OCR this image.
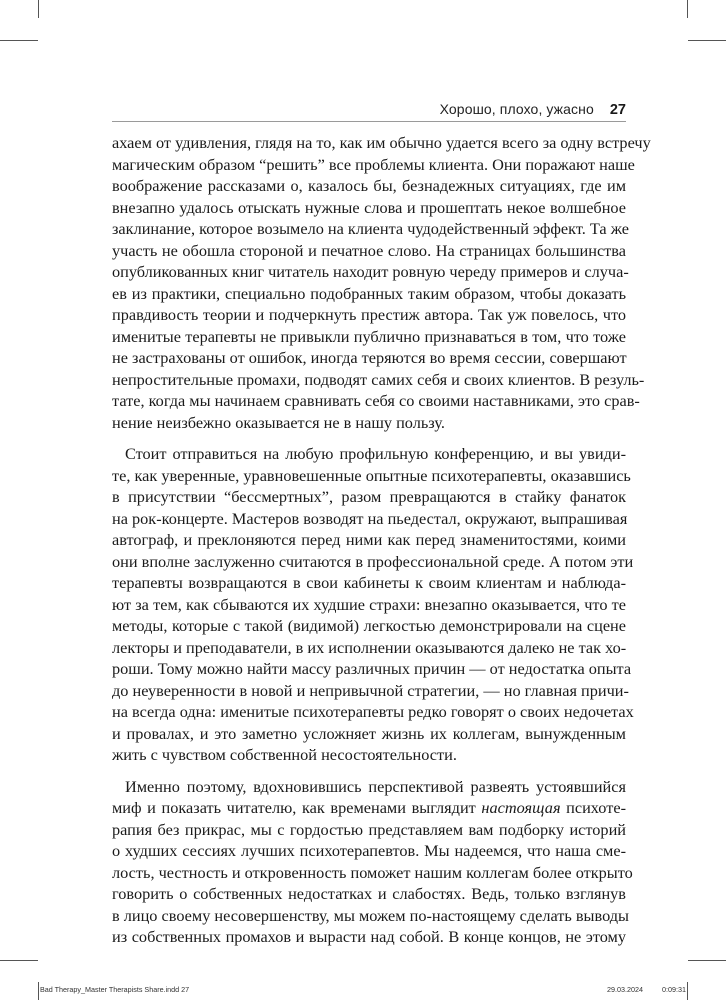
Хорошо, плохо, ужасно 27
ахаем от удивления, глядя на то, как им обычно удается всего за одну встречу
магическим образом “решить” все проблемы клиента. Они поражают наше
воображение рассказами о, казалось бы, безнадежных ситуациях, где им
внезапно удалось отыскать нужные слова и прошептать некое волшебное
заклинание, которое возымело на клиента чудодейственный эффект. Та же
участь не обошла стороной и печатное слово. На страницах большинства
опубликованных книг читатель находит ровную череду примеров и случа-
ев из практики, специально подобранных таким образом, чтобы доказать
правдивость теории и подчеркнуть престиж автора. Так уж повелось, что
именитые терапевты не привыкли публично признаваться в том, что тоже
не застрахованы от ошибок, иногда теряются во время сессии, совершают
непростительные промахи, подводят самих себя и своих клиентов. В резуль-
тате, когда мы начинаем сравнивать себя со своими наставниками, это срав-
нение неизбежно оказывается не в нашу пользу.
Стоит отправиться на любую профильную конференцию, и вы увиди-
те, как уверенные, уравновешенные опытные психотерапевты, оказавшись
в присутствии “бессмертных”, разом превращаются в стайку фанаток
на рок-концерте. Мастеров возводят на пьедестал, окружают, выпрашивая
автограф, и преклоняются перед ними как перед знаменитостями, коими
они вполне заслуженно считаются в профессиональной среде. А потом эти
терапевты возвращаются в свои кабинеты к своим клиентам и наблюда-
ют за тем, как сбываются их худшие страхи: внезапно оказывается, что те
методы, которые с такой (видимой) легкостью демонстрировали на сцене
лекторы и преподаватели, в их исполнении оказываются далеко не так хо-
роши. Тому можно найти массу различных причин — от недостатка опыта
до неуверенности в новой и непривычной стратегии, — но главная причи-
на всегда одна: именитые психотерапевты редко говорят о своих недочетах
и провалах, и это заметно усложняет жизнь их коллегам, вынужденным
жить с чувством собственной несостоятельности.
Именно поэтому, вдохновившись перспективой развеять устоявшийся
миф и показать читателю, как временами выглядит настоящая психоте-
рапия без прикрас, мы с гордостью представляем вам подборку историй
о худших сессиях лучших психотерапевтов. Мы надеемся, что наша сме-
лость, честность и откровенность поможет нашим коллегам более открыто
говорить о собственных недостатках и слабостях. Ведь, только взглянув
в лицо своему несовершенству, мы можем по-настоящему сделать выводы
из собственных промахов и вырасти над собой. В конце концов, не этому
Bad Therapy_Master Therapists Share.indd 27	29.03.2024	0:09:31
